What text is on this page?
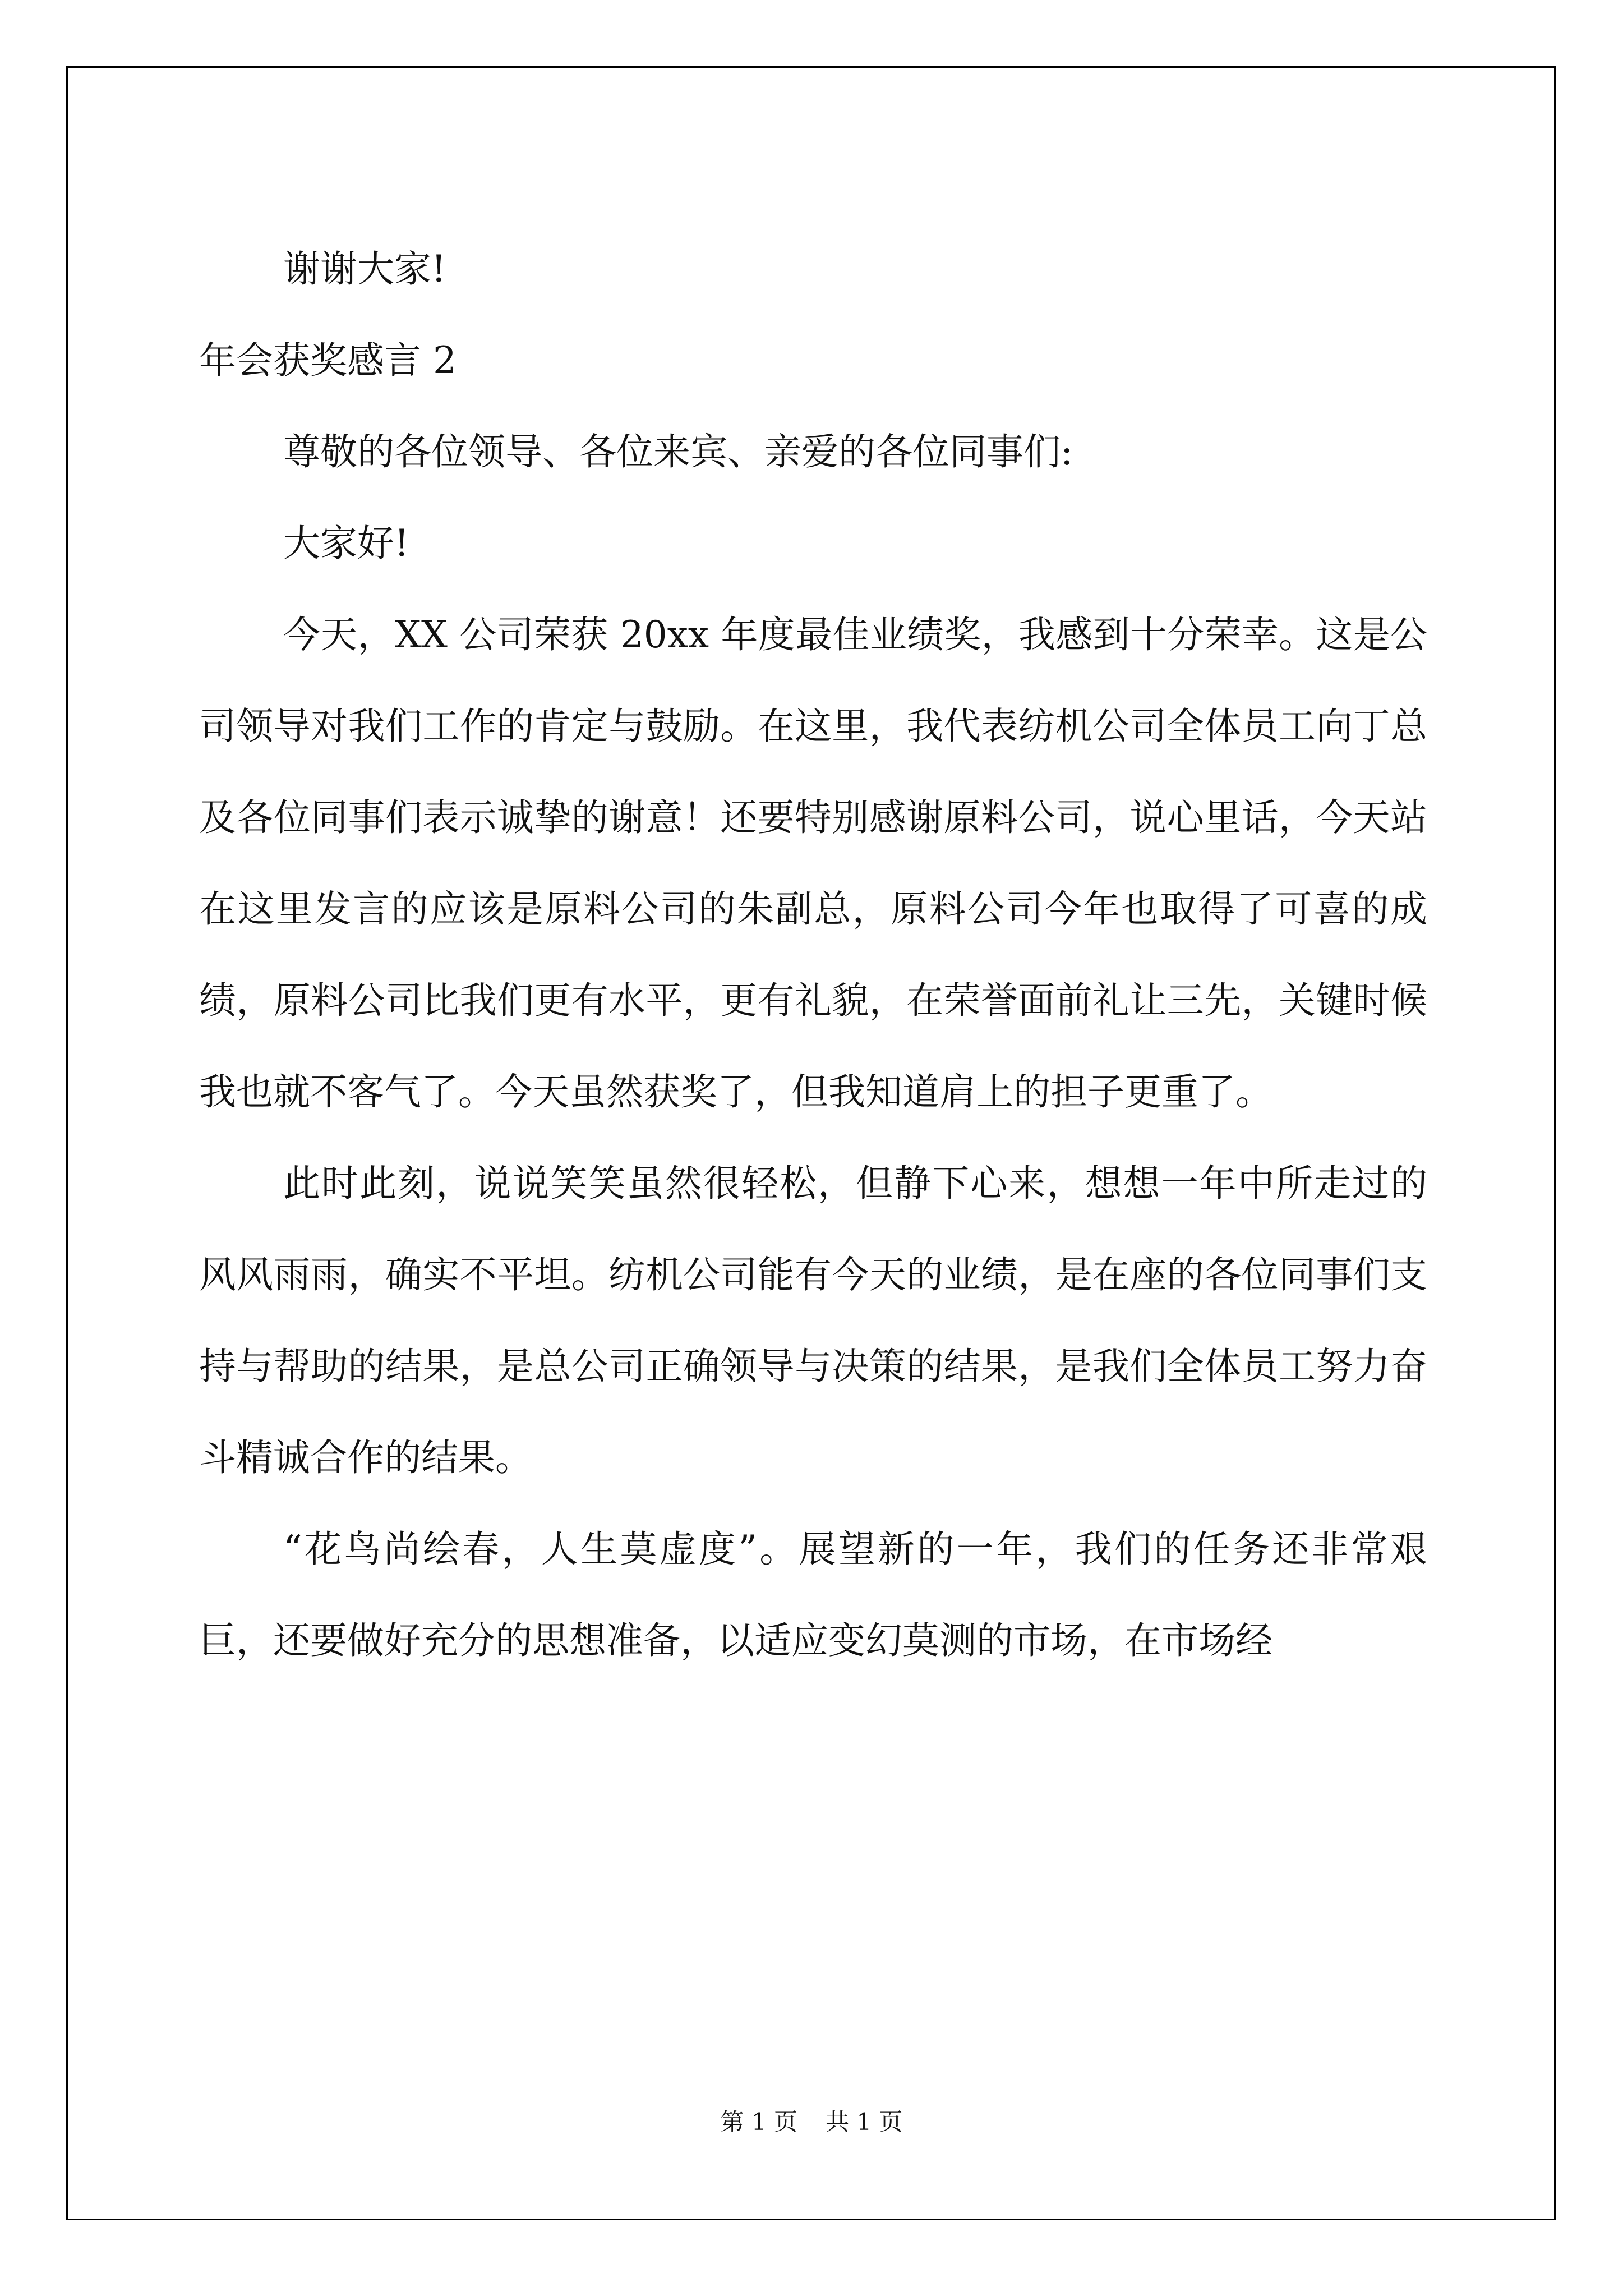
谢谢大家!

年会获奖感言 2

尊敬的各位领导、各位来宾、亲爱的各位同事们:

大家好!

今天，XX 公司荣获 20xx 年度最佳业绩奖，我感到十分荣幸。这是公司领导对我们工作的肯定与鼓励。在这里，我代表纺机公司全体员工向丁总及各位同事们表示诚挚的谢意！还要特别感谢原料公司，说心里话，今天站在这里发言的应该是原料公司的朱副总，原料公司今年也取得了可喜的成绩，原料公司比我们更有水平，更有礼貌，在荣誉面前礼让三先，关键时候我也就不客气了。今天虽然获奖了，但我知道肩上的担子更重了。

此时此刻，说说笑笑虽然很轻松，但静下心来，想想一年中所走过的风风雨雨，确实不平坦。纺机公司能有今天的业绩，是在座的各位同事们支持与帮助的结果，是总公司正确领导与决策的结果，是我们全体员工努力奋斗精诚合作的结果。

“花鸟尚绘春，人生莫虚度”。展望新的一年，我们的任务还非常艰巨，还要做好充分的思想准备，以适应变幻莫测的市场，在市场经

第 1 页 共 1 页
